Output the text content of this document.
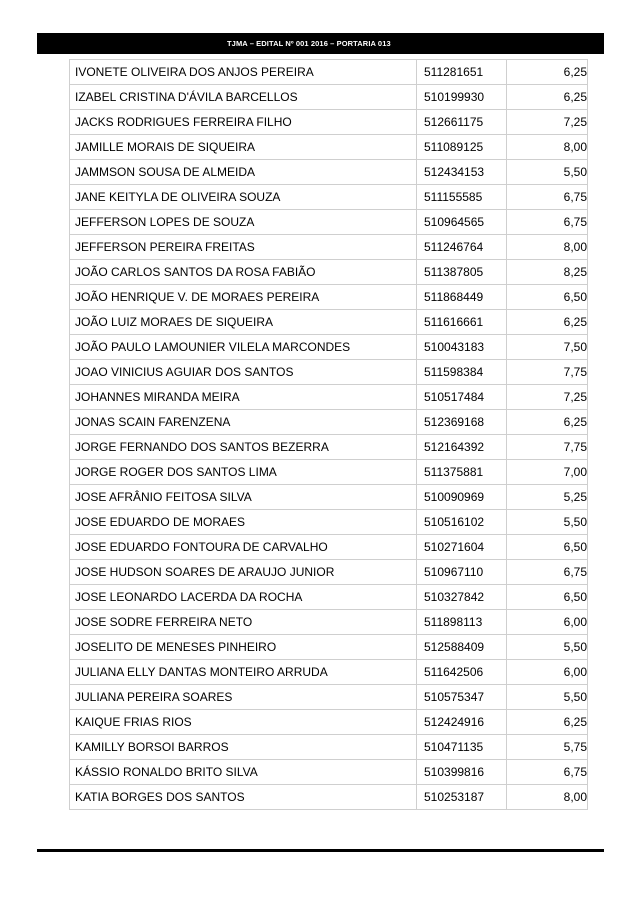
TJMA – EDITAL Nº 001 2016 – PORTARIA 013
IVONETE OLIVEIRA DOS ANJOS PEREIRA	511281651	6,25
IZABEL CRISTINA D'ÁVILA BARCELLOS	510199930	6,25
JACKS RODRIGUES FERREIRA FILHO	512661175	7,25
JAMILLE MORAIS DE SIQUEIRA	511089125	8,00
JAMMSON SOUSA DE ALMEIDA	512434153	5,50
JANE KEITYLA DE OLIVEIRA SOUZA	511155585	6,75
JEFFERSON LOPES DE SOUZA	510964565	6,75
JEFFERSON PEREIRA FREITAS	511246764	8,00
JOÃO CARLOS SANTOS DA ROSA FABIÃO	511387805	8,25
JOÃO HENRIQUE V. DE MORAES PEREIRA	511868449	6,50
JOÃO LUIZ MORAES DE SIQUEIRA	511616661	6,25
JOÃO PAULO LAMOUNIER VILELA MARCONDES	510043183	7,50
JOAO VINICIUS AGUIAR DOS SANTOS	511598384	7,75
JOHANNES MIRANDA MEIRA	510517484	7,25
JONAS SCAIN FARENZENA	512369168	6,25
JORGE FERNANDO DOS SANTOS BEZERRA	512164392	7,75
JORGE ROGER DOS SANTOS LIMA	511375881	7,00
JOSE AFRÂNIO FEITOSA SILVA	510090969	5,25
JOSE EDUARDO DE MORAES	510516102	5,50
JOSE EDUARDO FONTOURA DE CARVALHO	510271604	6,50
JOSE HUDSON SOARES DE ARAUJO JUNIOR	510967110	6,75
JOSE LEONARDO LACERDA DA ROCHA	510327842	6,50
JOSE SODRE FERREIRA NETO	511898113	6,00
JOSELITO DE MENESES PINHEIRO	512588409	5,50
JULIANA ELLY DANTAS MONTEIRO ARRUDA	511642506	6,00
JULIANA PEREIRA SOARES	510575347	5,50
KAIQUE FRIAS RIOS	512424916	6,25
KAMILLY BORSOI BARROS	510471135	5,75
KÁSSIO RONALDO BRITO SILVA	510399816	6,75
KATIA BORGES DOS SANTOS	510253187	8,00
